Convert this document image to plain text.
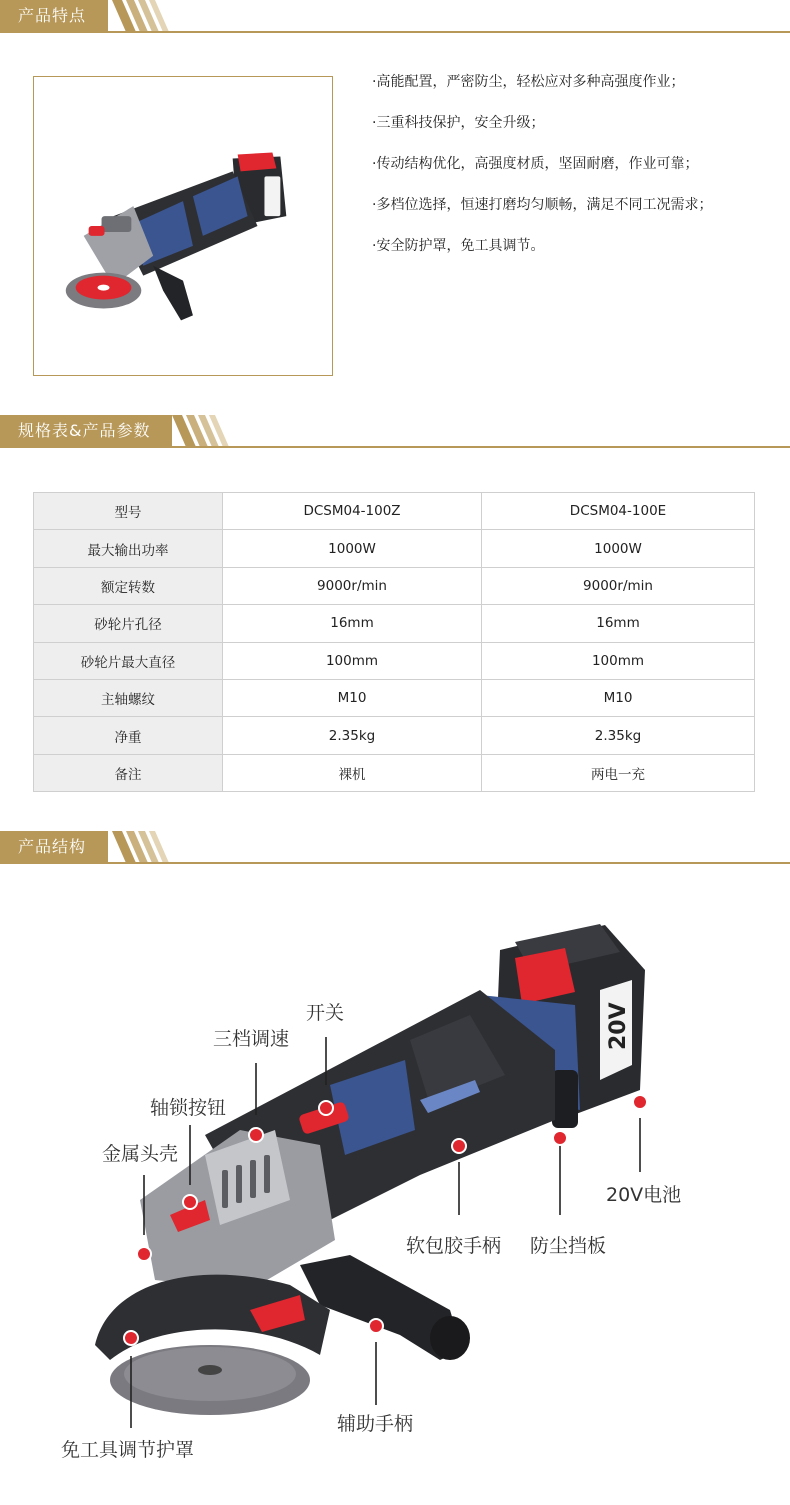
产品特点
·高能配置，严密防尘，轻松应对多种高强度作业；
·三重科技保护，安全升级；
·传动结构优化，高强度材质，坚固耐磨，作业可靠；
·多档位选择，恒速打磨均匀顺畅，满足不同工况需求；
·安全防护罩，免工具调节。
规格表&产品参数
型号	DCSM04-100Z	DCSM04-100E
最大输出功率	1000W	1000W
额定转数	9000r/min	9000r/min
砂轮片孔径	16mm	16mm
砂轮片最大直径	100mm	100mm
主轴螺纹	M10	M10
净重	2.35kg	2.35kg
备注	裸机	两电一充
产品结构
20V
开关
三档调速
轴锁按钮
金属头壳
20V电池
软包胶手柄 防尘挡板
辅助手柄
免工具调节护罩
